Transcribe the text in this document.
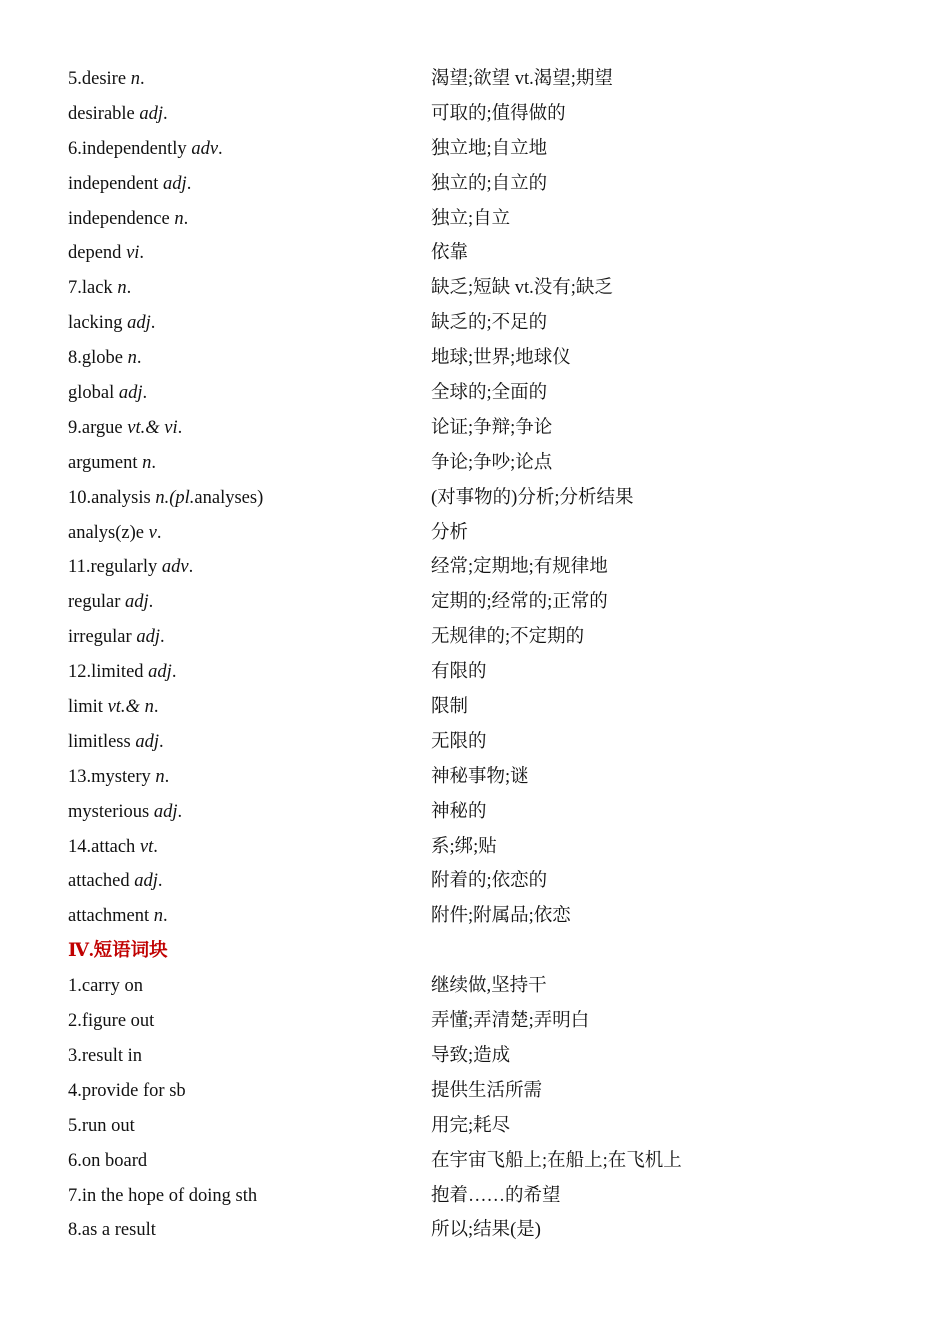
5.desire n.	渴望;欲望 vt.渴望;期望
desirable adj.	可取的;值得做的
6.independently adv.	独立地;自立地
independent adj.	独立的;自立的
independence n.	独立;自立
depend vi.	依靠
7.lack n.	缺乏;短缺 vt.没有;缺乏
lacking adj.	缺乏的;不足的
8.globe n.	地球;世界;地球仪
global adj.	全球的;全面的
9.argue vt.& vi.	论证;争辩;争论
argument n.	争论;争吵;论点
10.analysis n.(pl.analyses)	(对事物的)分析;分析结果
analys(z)e v.	分析
11.regularly adv.	经常;定期地;有规律地
regular adj.	定期的;经常的;正常的
irregular adj.	无规律的;不定期的
12.limited adj.	有限的
limit vt.& n.	限制
limitless adj.	无限的
13.mystery n.	神秘事物;谜
mysterious adj.	神秘的
14.attach vt.	系;绑;贴
attached adj.	附着的;依恋的
attachment n.	附件;附属品;依恋
Ⅳ.短语词块
1.carry on	继续做,坚持干
2.figure out	弄懂;弄清楚;弄明白
3.result in	导致;造成
4.provide for sb	提供生活所需
5.run out	用完;耗尽
6.on board	在宇宙飞船上;在船上;在飞机上
7.in the hope of doing sth	抱着……的希望
8.as a result	所以;结果(是)
